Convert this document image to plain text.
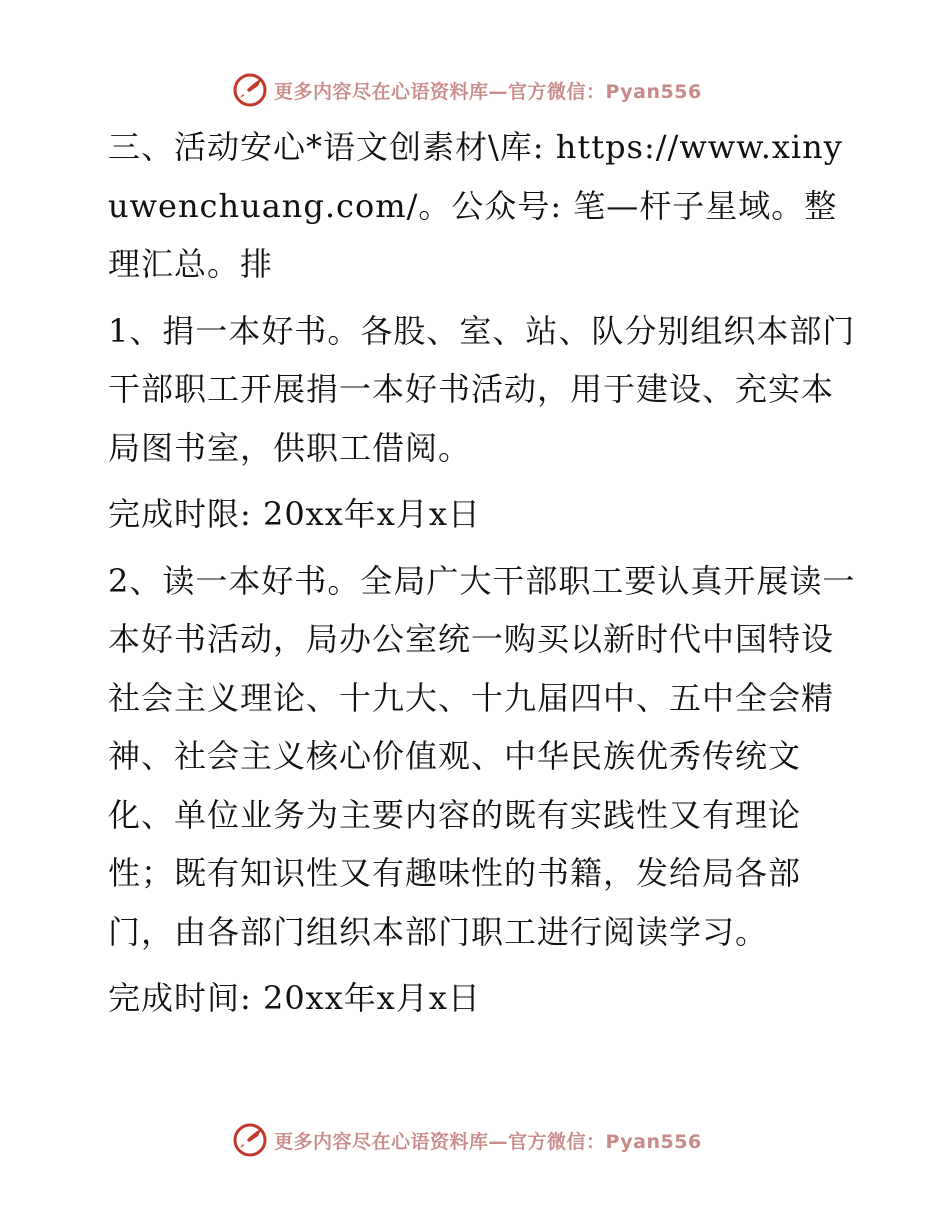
更多内容尽在心语资料库—官方微信：Pyan556

三、活动安心*语文创素材\库: https://www.xinyuwenchuang.com/。公众号: 笔—杆子星域。整理汇总。排

1、捐一本好书。各股、室、站、队分别组织本部门干部职工开展捐一本好书活动，用于建设、充实本局图书室，供职工借阅。

完成时限: 20xx年x月x日

2、读一本好书。全局广大干部职工要认真开展读一本好书活动，局办公室统一购买以新时代中国特设社会主义理论、十九大、十九届四中、五中全会精神、社会主义核心价值观、中华民族优秀传统文化、单位业务为主要内容的既有实践性又有理论性；既有知识性又有趣味性的书籍，发给局各部门，由各部门组织本部门职工进行阅读学习。

完成时间: 20xx年x月x日

更多内容尽在心语资料库—官方微信：Pyan556
